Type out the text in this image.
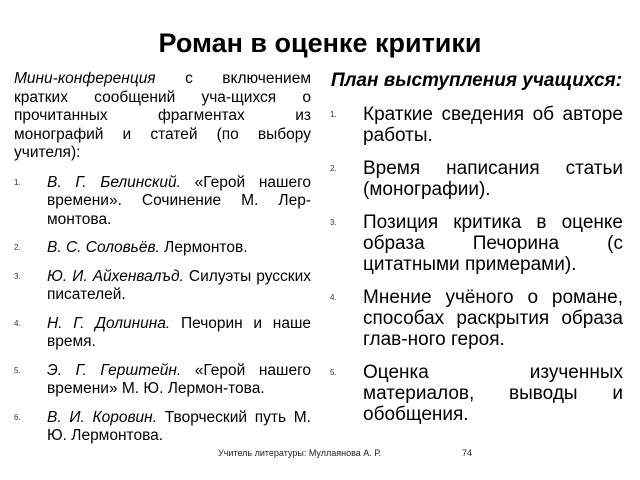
Роман в оценке критики

Мини-конференция с включением кратких сообщений уча-щихся о прочитанных фрагментах из монографий и статей (по выбору учителя):

1. В. Г. Белинский. «Герой нашего времени». Сочинение М. Лер-монтова.
2. В. С. Соловьёв. Лермонтов.
3. Ю. И. Айхенвалъд. Силуэты русских писателей.
4. Н. Г. Долинина. Печорин и наше время.
5. Э. Г. Герштейн. «Герой нашего времени» М. Ю. Лермон-това.
6. В. И. Коровин. Творческий путь М. Ю. Лермонтова.

План выступления учащихся:

1. Краткие сведения об авторе работы.
2. Время написания статьи (монографии).
3. Позиция критика в оценке образа Печорина (с цитатными примерами).
4. Мнение учёного о романе, способах раскрытия образа глав-ного героя.
5. Оценка изученных материалов, выводы и обобщения.
Учитель литературы: Муллаянова А. Р.	74
